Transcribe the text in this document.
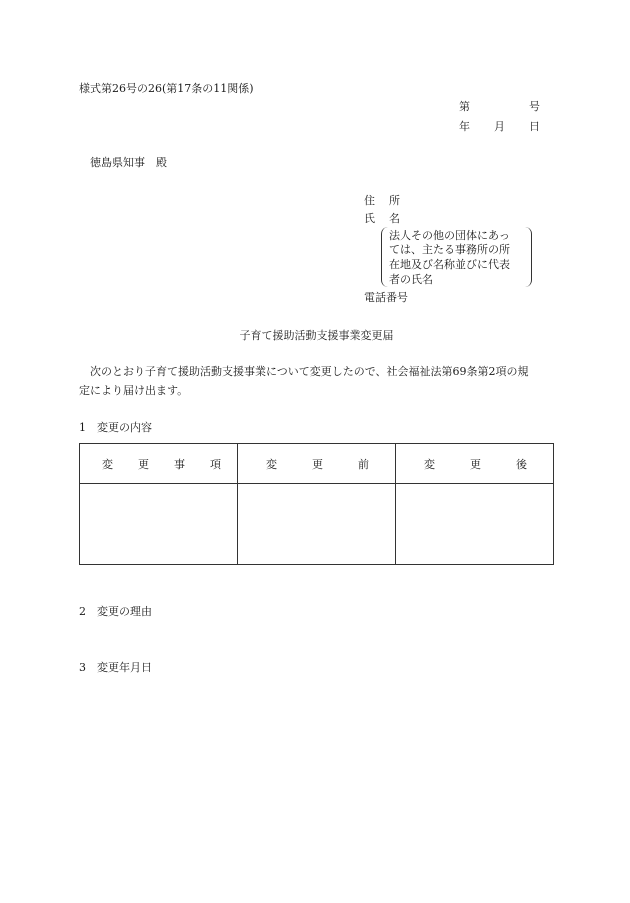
様式第26号の26(第17条の11関係)
第	号
年 月 日
徳島県知事　殿
住 所
氏 名
法人その他の団体にあっ
ては、主たる事務所の所
在地及び名称並びに代表
者の氏名
電話番号
子育て援助活動支援事業変更届
次のとおり子育て援助活動支援事業について変更したので、社会福祉法第69条第2項の規
定により届け出ます。
1　変更の内容
変 更 事 項	変 更 前	変 更 後

2　変更の理由
3　変更年月日
